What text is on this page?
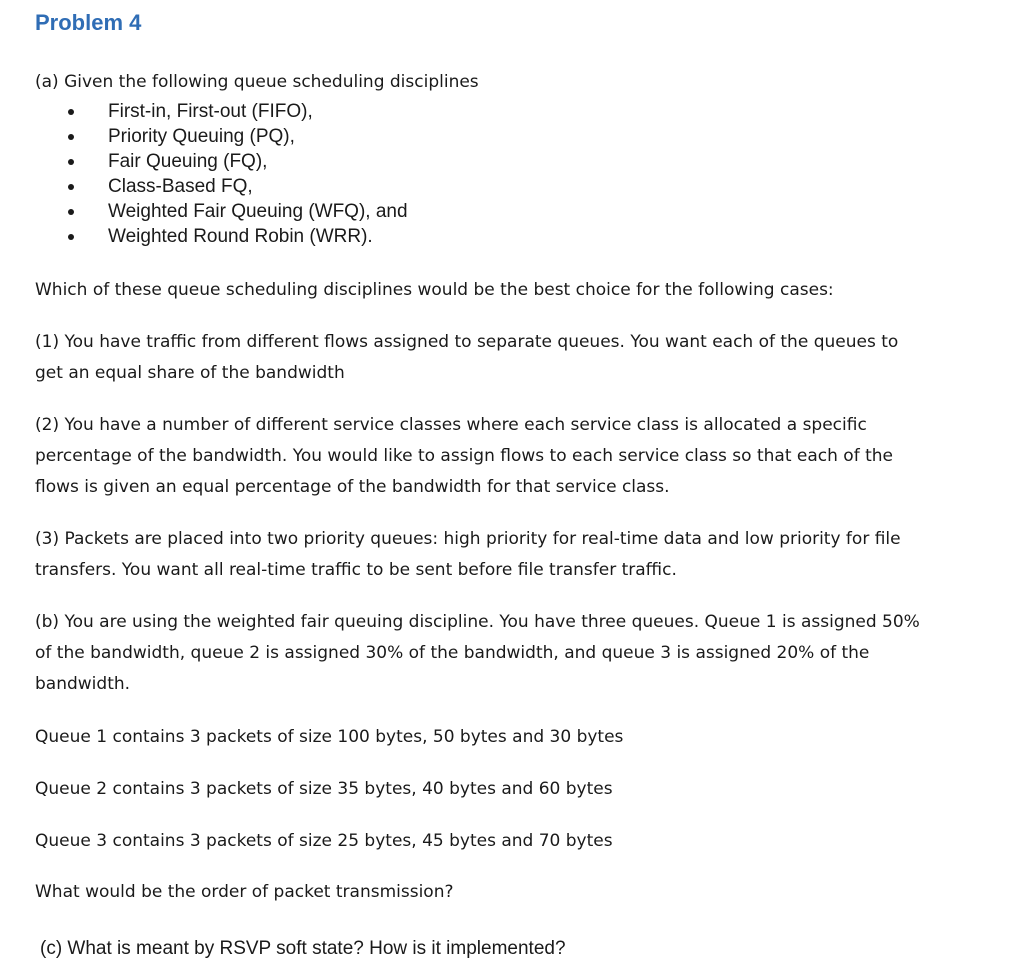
Problem 4

(a) Given the following queue scheduling disciplines

First-in, First-out (FIFO),
Priority Queuing (PQ),
Fair Queuing (FQ),
Class-Based FQ,
Weighted Fair Queuing (WFQ), and
Weighted Round Robin (WRR).

Which of these queue scheduling disciplines would be the best choice for the following cases:

(1) You have traffic from different flows assigned to separate queues. You want each of the queues to
get an equal share of the bandwidth
(2) You have a number of different service classes where each service class is allocated a specific
percentage of the bandwidth. You would like to assign flows to each service class so that each of the
flows is given an equal percentage of the bandwidth for that service class.
(3) Packets are placed into two priority queues: high priority for real-time data and low priority for file
transfers. You want all real-time traffic to be sent before file transfer traffic.
(b) You are using the weighted fair queuing discipline. You have three queues. Queue 1 is assigned 50%
of the bandwidth, queue 2 is assigned 30% of the bandwidth, and queue 3 is assigned 20% of the
bandwidth.

Queue 1 contains 3 packets of size 100 bytes, 50 bytes and 30 bytes

Queue 2 contains 3 packets of size 35 bytes, 40 bytes and 60 bytes

Queue 3 contains 3 packets of size 25 bytes, 45 bytes and 70 bytes

What would be the order of packet transmission?

(c) What is meant by RSVP soft state? How is it implemented?
